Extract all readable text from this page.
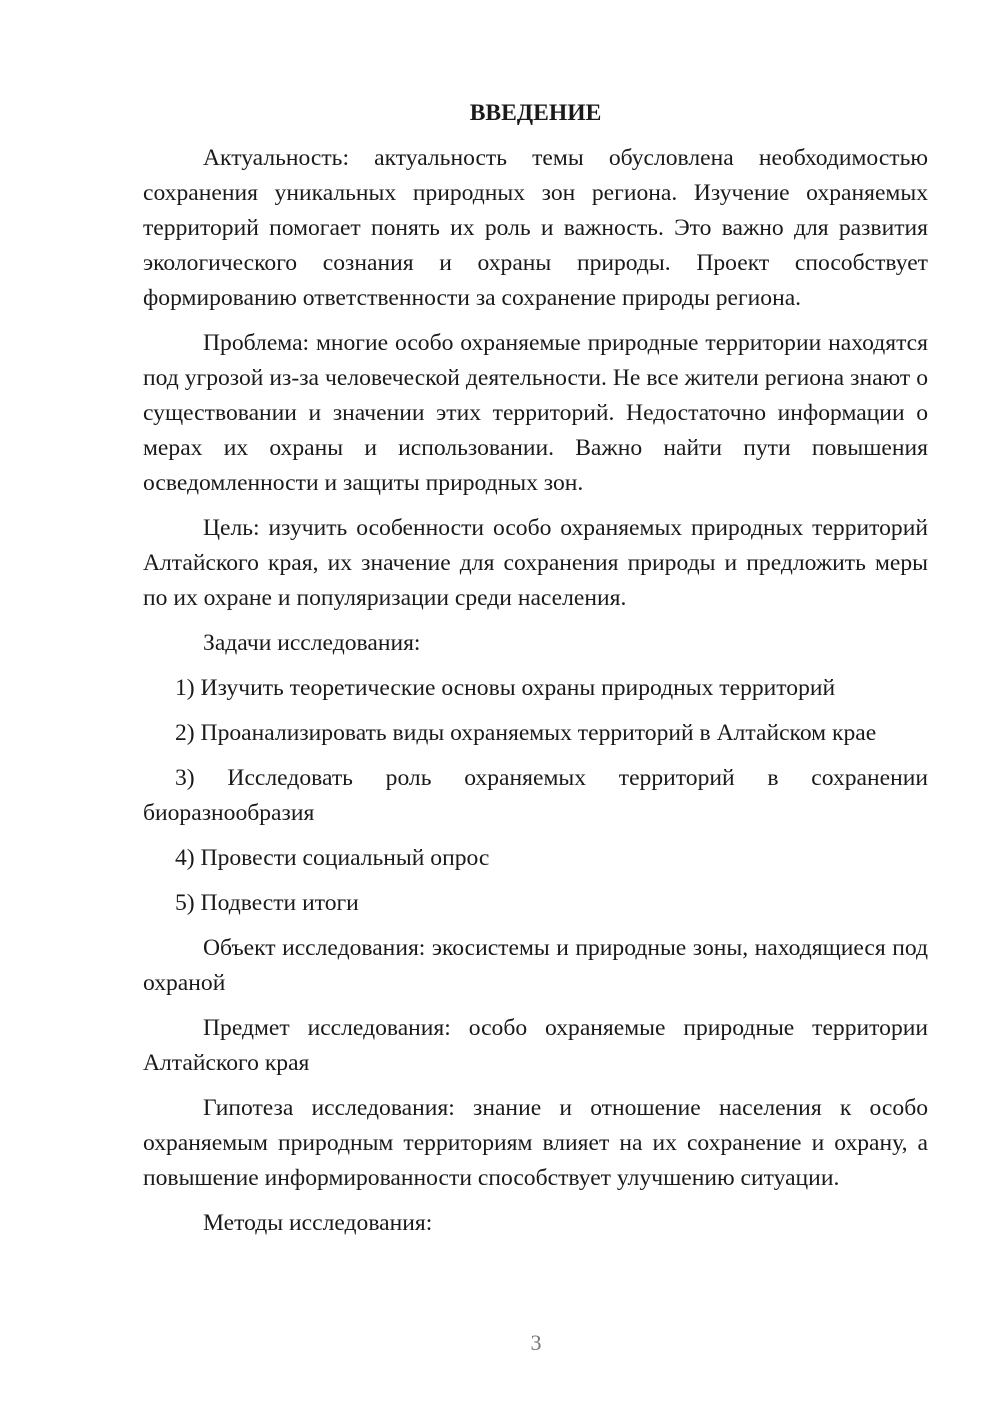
ВВЕДЕНИЕ

Актуальность: актуальность темы обусловлена необходимостью сохранения уникальных природных зон региона. Изучение охраняемых территорий помогает понять их роль и важность. Это важно для развития экологического сознания и охраны природы. Проект способствует формированию ответственности за сохранение природы региона.

Проблема: многие особо охраняемые природные территории находятся под угрозой из-за человеческой деятельности. Не все жители региона знают о существовании и значении этих территорий. Недостаточно информации о мерах их охраны и использовании. Важно найти пути повышения осведомленности и защиты природных зон.

Цель: изучить особенности особо охраняемых природных территорий Алтайского края, их значение для сохранения природы и предложить меры по их охране и популяризации среди населения.

Задачи исследования:

1) Изучить теоретические основы охраны природных территорий

2) Проанализировать виды охраняемых территорий в Алтайском крае

3) Исследовать роль охраняемых территорий в сохранении биоразнообразия

4) Провести социальный опрос

5) Подвести итоги

Объект исследования: экосистемы и природные зоны, находящиеся под охраной

Предмет исследования: особо охраняемые природные территории Алтайского края

Гипотеза исследования: знание и отношение населения к особо охраняемым природным территориям влияет на их сохранение и охрану, а повышение информированности способствует улучшению ситуации.

Методы исследования:

3
